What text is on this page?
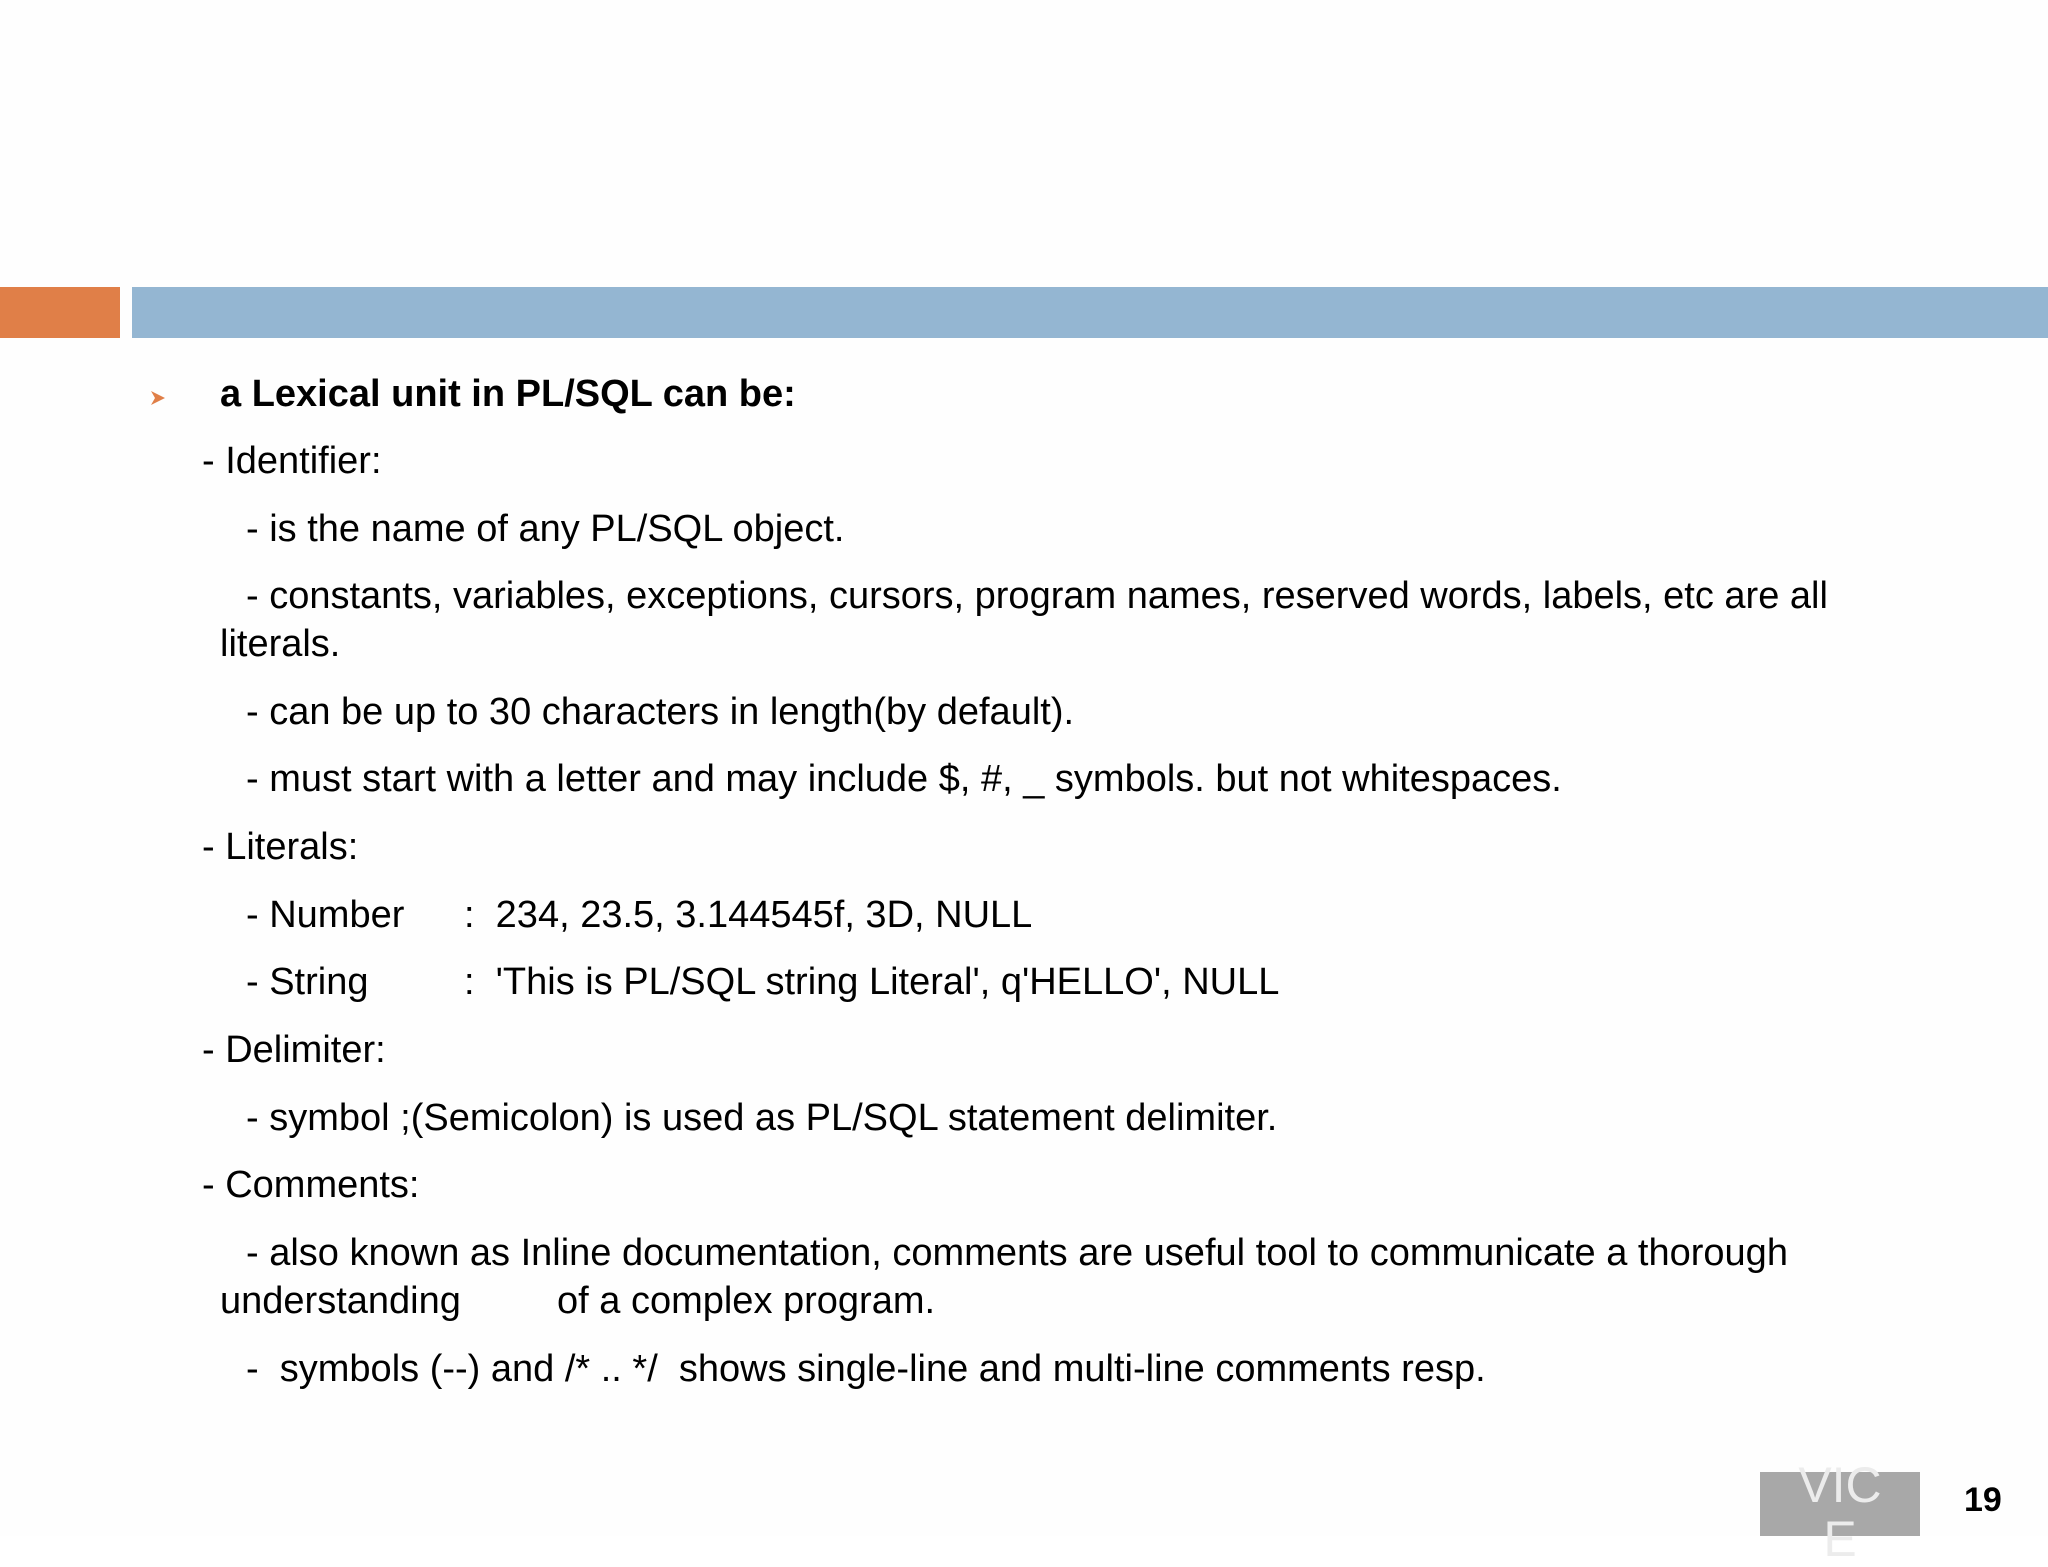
a Lexical unit in PL/SQL can be:
- Identifier:
- is the name of any PL/SQL object.
- constants, variables, exceptions, cursors, program names, reserved words, labels, etc are all
literals.
- can be up to 30 characters in length(by default).
- must start with a letter and may include $, #, _ symbols. but not whitespaces.
- Literals:
- Number :  234, 23.5, 3.144545f, 3D, NULL
- String	:  'This is PL/SQL string Literal', q'HELLO', NULL
- Delimiter:
- symbol ;(Semicolon) is used as PL/SQL statement delimiter.
- Comments:
- also known as Inline documentation, comments are useful tool to communicate a thorough
understanding	of a complex program.
-  symbols (--) and /* .. */  shows single-line and multi-line comments resp.
VIC
E
19
